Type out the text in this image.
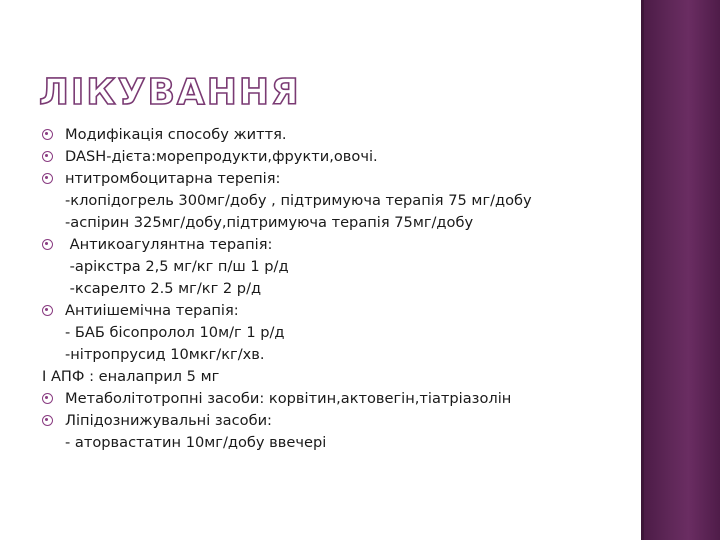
ЛІКУВАННЯ
Модифікація способу життя.
DASH-дієта:морепродукти,фрукти,овочі.
нтитромбоцитарна терепія:
-клопідогрель 300мг/добу , підтримуюча терапія 75 мг/добу
-аспірин 325мг/добу,підтримуюча терапія 75мг/добу
Антикоагулянтна терапія:
-арікстра 2,5 мг/кг п/ш 1 р/д
-ксарелто 2.5 мг/кг 2 р/д
Антиішемічна терапія:
- БАБ бісопролол 10м/г 1 р/д
-нітропрусид 10мкг/кг/хв.
І АПФ : еналаприл 5 мг
Метаболітотропні засоби: корвітин,актовегін,тіатріазолін
Ліпідознижувальні засоби:
- аторвастатин 10мг/добу ввечері
